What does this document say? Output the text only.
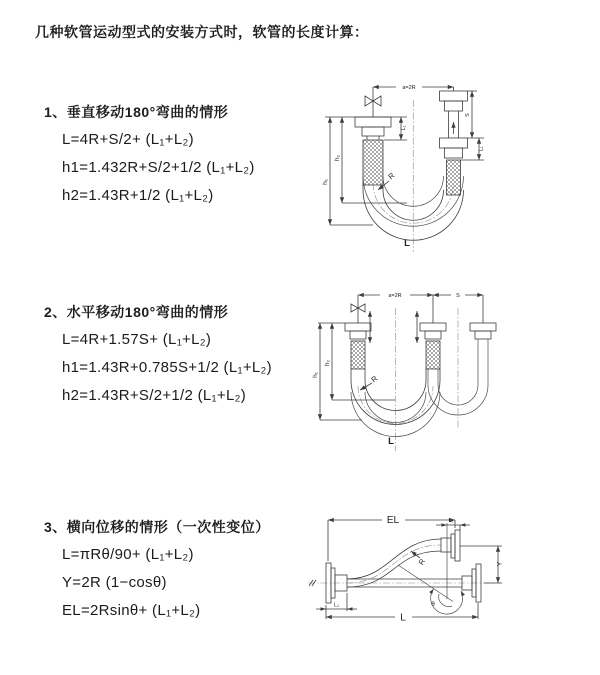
几种软管运动型式的安装方式时，软管的长度计算：
1、垂直移动180°弯曲的情形
L=4R+S/2+ (L₁+L₂)
h1=1.432R+S/2+1/2 (L₁+L₂)
h2=1.43R+1/2 (L₁+L₂)
2、水平移动180°弯曲的情形
L=4R+1.57S+ (L₁+L₂)
h1=1.43R+0.785S+1/2 (L₁+L₂)
h2=1.43R+S/2+1/2 (L₁+L₂)
3、横向位移的情形（一次性变位）
L=πRθ/90+ (L₁+L₂)
Y=2R (1−cosθ)
EL=2Rsinθ+ (L₁+L₂)
a=2R
L₁
h₂
h₁
S
L₁
R
L
a=2R	S
h₂
h₁	R
L
EL	L₁
θ
Y
R
L₁
L
